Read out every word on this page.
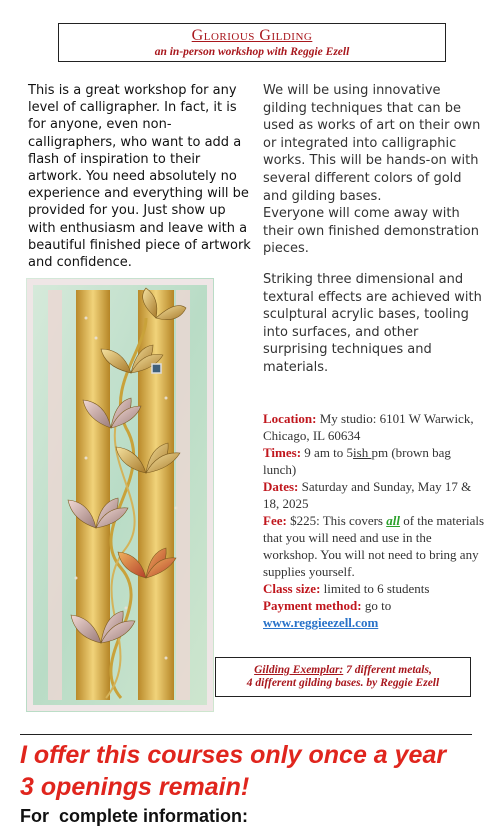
Glorious Gilding
an in-person workshop with Reggie Ezell
This is a great workshop for any level of calligrapher. In fact, it is for anyone, even non-calligraphers, who want to add a flash of inspiration to their artwork. You need absolutely no experience and everything will be provided for you. Just show up with enthusiasm and leave with a beautiful finished piece of artwork and confidence.

We will be using innovative gilding techniques that can be used as works of art on their own or integrated into calligraphic works. This will be hands-on with several different colors of gold and gilding bases.
Everyone will come away with their own finished demonstration pieces.

Striking three dimensional and textural effects are achieved with sculptural acrylic bases, tooling into surfaces, and other surprising techniques and materials.

Location: My studio: 6101 W Warwick, Chicago, IL 60634
Times: 9 am to 5ish pm (brown bag lunch)
Dates: Saturday and Sunday, May 17 & 18, 2025
Fee: $225: This covers all of the materials that you will need and use in the workshop. You will not need to bring any supplies yourself.
Class size: limited to 6 students
Payment method: go to
www.reggieezell.com
Gilding Exemplar: 7 different metals,
4 different gilding bases. by Reggie Ezell
I offer this courses only once a year
3 openings remain!
For  complete information:
